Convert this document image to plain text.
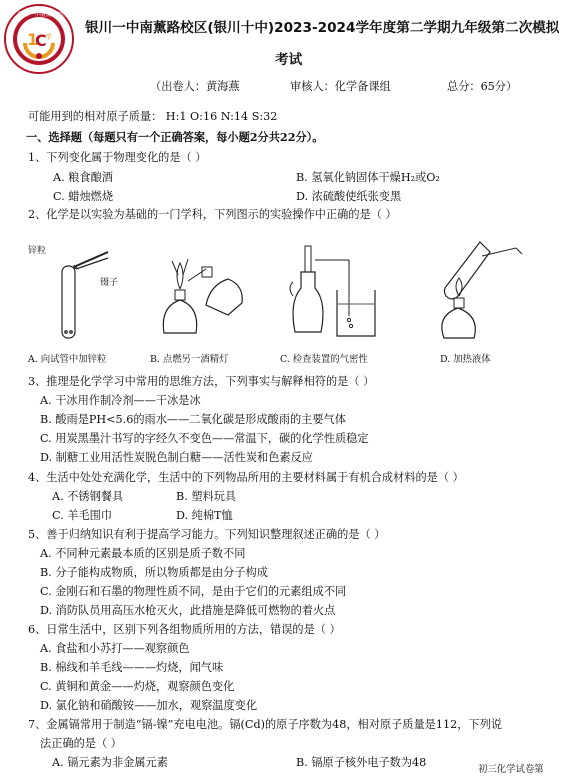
1
C
学
银川一中南薰路校区
银川一中南薰路校区(银川十中)2023-2024学年度第二学期九年级第二次模拟
考试
（出卷人：黄海燕	审核人：化学备课组	总分：65分）
可能用到的相对原子质量： H:1 O:16 N:14 S:32
一、选择题（每题只有一个正确答案，每小题2分共22分）。
1、下列变化属于物理变化的是（ ）
A. 粮食酿酒	B. 氢氧化钠固体干燥H₂或O₂
C. 蜡烛燃烧	D. 浓硫酸使纸张变黑
2、化学是以实验为基础的一门学科，下列图示的实验操作中正确的是（ ）
锌粒
镊子
A. 向试管中加锌粒	B. 点燃另一酒精灯	C. 检查装置的气密性	D. 加热液体
3、推理是化学学习中常用的思维方法，下列事实与解释相符的是（ ）
A. 干冰用作制冷剂——干冰是冰
B. 酸雨是PH<5.6的雨水——二氧化碳是形成酸雨的主要气体
C. 用炭黑墨汁书写的字经久不变色——常温下，碳的化学性质稳定
D. 制糖工业用活性炭脱色制白糖——活性炭和色素反应
4、生活中处处充满化学，生活中的下列物品所用的主要材料属于有机合成材料的是（ ）
A. 不锈钢餐具	B. 塑料玩具
C. 羊毛围巾	D. 纯棉T恤
5、善于归纳知识有利于提高学习能力。下列知识整理叙述正确的是（ ）
A. 不同种元素最本质的区别是质子数不同
B. 分子能构成物质，所以物质都是由分子构成
C. 金刚石和石墨的物理性质不同，是由于它们的元素组成不同
D. 消防队员用高压水枪灭火，此措施是降低可燃物的着火点
6、日常生活中，区别下列各组物质所用的方法，错误的是（ ）
A. 食盐和小苏打——观察颜色
B. 棉线和羊毛线———灼烧，闻气味
C. 黄铜和黄金——灼烧，观察颜色变化
D. 氯化钠和硝酸铵——加水，观察温度变化
7、金属镉常用于制造“镉-镍”充电电池。镉(Cd)的原子序数为48，相对原子质量是112，下列说
法正确的是（ ）
A. 镉元素为非金属元素	B. 镉原子核外电子数为48
初三化学试卷第
